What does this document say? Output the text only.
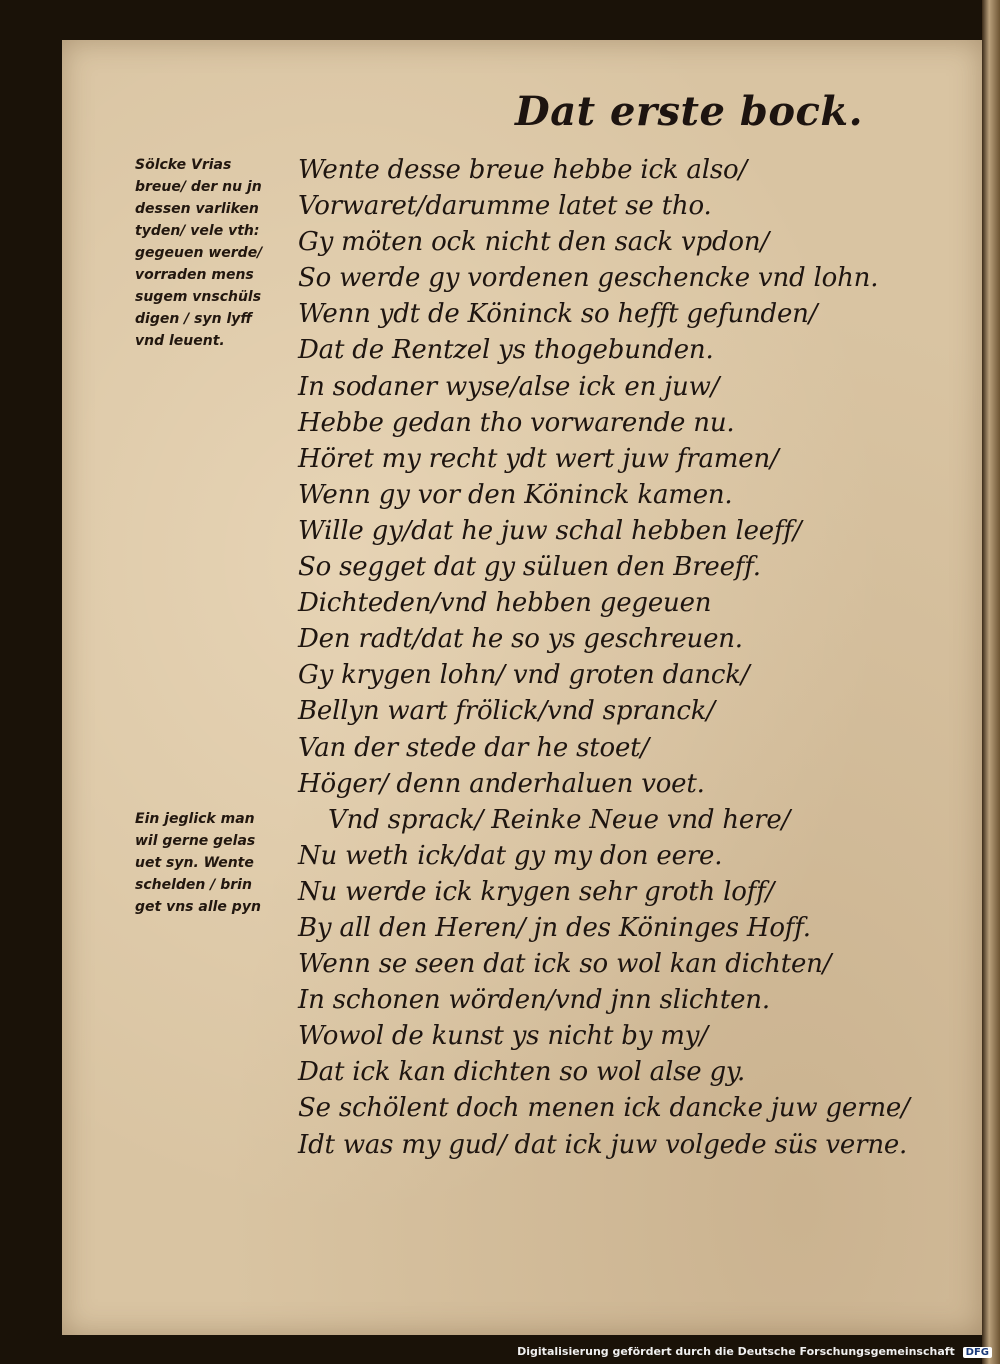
Dat erste bock.
Sölcke Vrias
breue/ der nu jn
dessen varliken
tyden/ vele vth:
gegeuen werde/
vorraden mens
sugem vnschüls
digen / syn lyff
vnd leuent.
Ein jeglick man
wil gerne gelas
uet syn. Wente
schelden / brin
get vns alle pyn
Wente desse breue hebbe ick also/
Vorwaret/darumme latet se tho.
Gy möten ock nicht den sack vpdon/
So werde gy vordenen geschencke vnd lohn.
Wenn ydt de Köninck so hefft gefunden/
Dat de Rentzel ys thogebunden.
In sodaner wyse/alse ick en juw/
Hebbe gedan tho vorwarende nu.
Höret my recht ydt wert juw framen/
Wenn gy vor den Köninck kamen.
Wille gy/dat he juw schal hebben leeff/
So segget dat gy süluen den Breeff.
Dichteden/vnd hebben gegeuen
Den radt/dat he so ys geschreuen.
Gy krygen lohn/ vnd groten danck/
Bellyn wart frölick/vnd spranck/
Van der stede dar he stoet/
Höger/ denn anderhaluen voet.
Vnd sprack/ Reinke Neue vnd here/
Nu weth ick/dat gy my don eere.
Nu werde ick krygen sehr groth loff/
By all den Heren/ jn des Köninges Hoff.
Wenn se seen dat ick so wol kan dichten/
In schonen wörden/vnd jnn slichten.
Wowol de kunst ys nicht by my/
Dat ick kan dichten so wol alse gy.
Se schölent doch menen ick dancke juw gerne/
Idt was my gud/ dat ick juw volgede süs verne.
Digitalisierung gefördert durch die Deutsche Forschungsgemeinschaft DFG
